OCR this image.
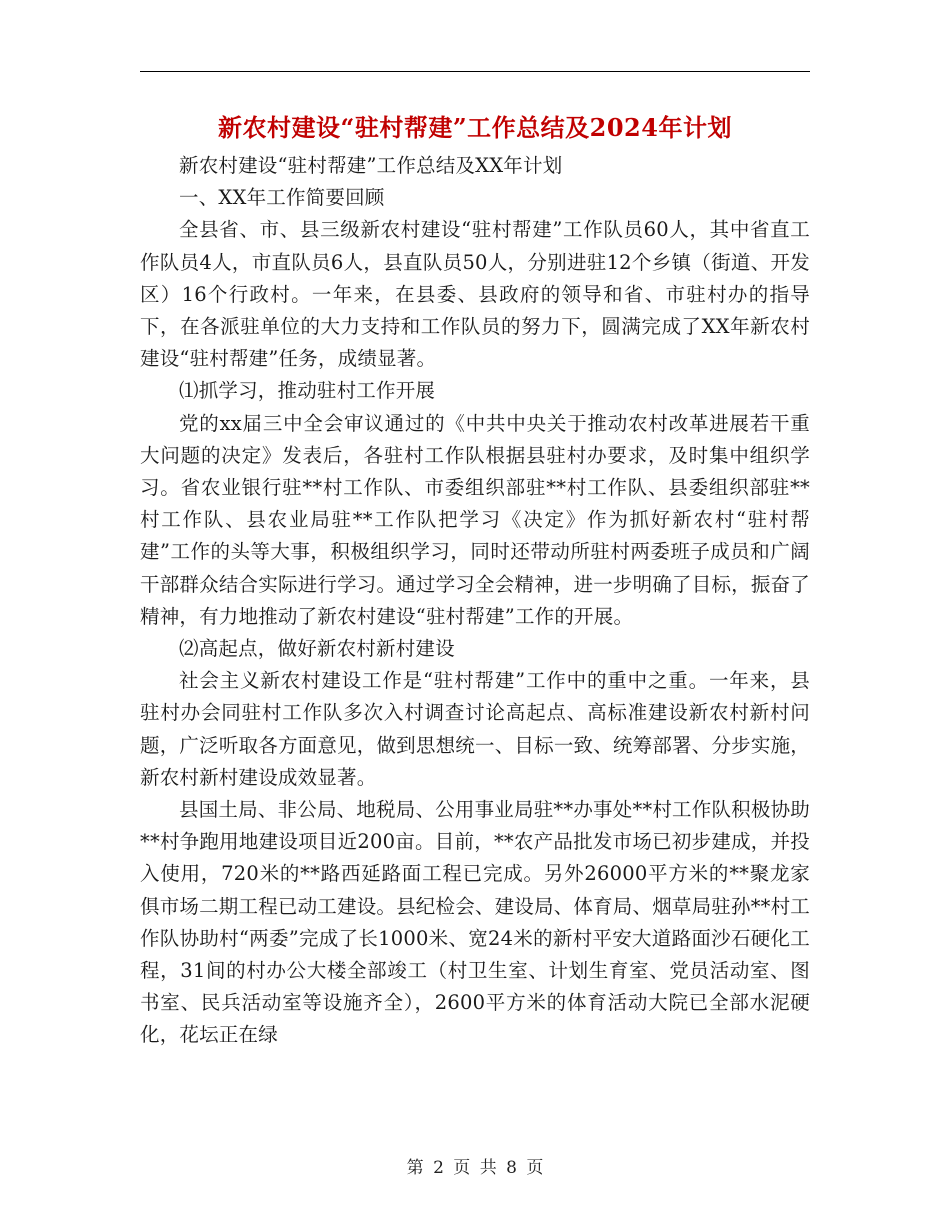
新农村建设“驻村帮建”工作总结及2024年计划

新农村建设“驻村帮建”工作总结及XX年计划

一、XX年工作简要回顾

全县省、市、县三级新农村建设“驻村帮建”工作队员60人，其中省直工作队员4人，市直队员6人，县直队员50人，分别进驻12个乡镇（街道、开发区）16个行政村。一年来，在县委、县政府的领导和省、市驻村办的指导下，在各派驻单位的大力支持和工作队员的努力下，圆满完成了XX年新农村建设“驻村帮建”任务，成绩显著。

⑴抓学习，推动驻村工作开展

党的xx届三中全会审议通过的《中共中央关于推动农村改革进展若干重大问题的决定》发表后，各驻村工作队根据县驻村办要求，及时集中组织学习。省农业银行驻**村工作队、市委组织部驻**村工作队、县委组织部驻**村工作队、县农业局驻**工作队把学习《决定》作为抓好新农村“驻村帮建”工作的头等大事，积极组织学习，同时还带动所驻村两委班子成员和广阔干部群众结合实际进行学习。通过学习全会精神，进一步明确了目标，振奋了精神，有力地推动了新农村建设“驻村帮建”工作的开展。

⑵高起点，做好新农村新村建设

社会主义新农村建设工作是“驻村帮建”工作中的重中之重。一年来，县驻村办会同驻村工作队多次入村调查讨论高起点、高标准建设新农村新村问题，广泛听取各方面意见，做到思想统一、目标一致、统筹部署、分步实施，新农村新村建设成效显著。

县国土局、非公局、地税局、公用事业局驻**办事处**村工作队积极协助**村争跑用地建设项目近200亩。目前，**农产品批发市场已初步建成，并投入使用，720米的**路西延路面工程已完成。另外26000平方米的**聚龙家俱市场二期工程已动工建设。县纪检会、建设局、体育局、烟草局驻孙**村工作队协助村“两委”完成了长1000米、宽24米的新村平安大道路面沙石硬化工程，31间的村办公大楼全部竣工（村卫生室、计划生育室、党员活动室、图书室、民兵活动室等设施齐全），2600平方米的体育活动大院已全部水泥硬化，花坛正在绿

第 2 页 共 8 页
